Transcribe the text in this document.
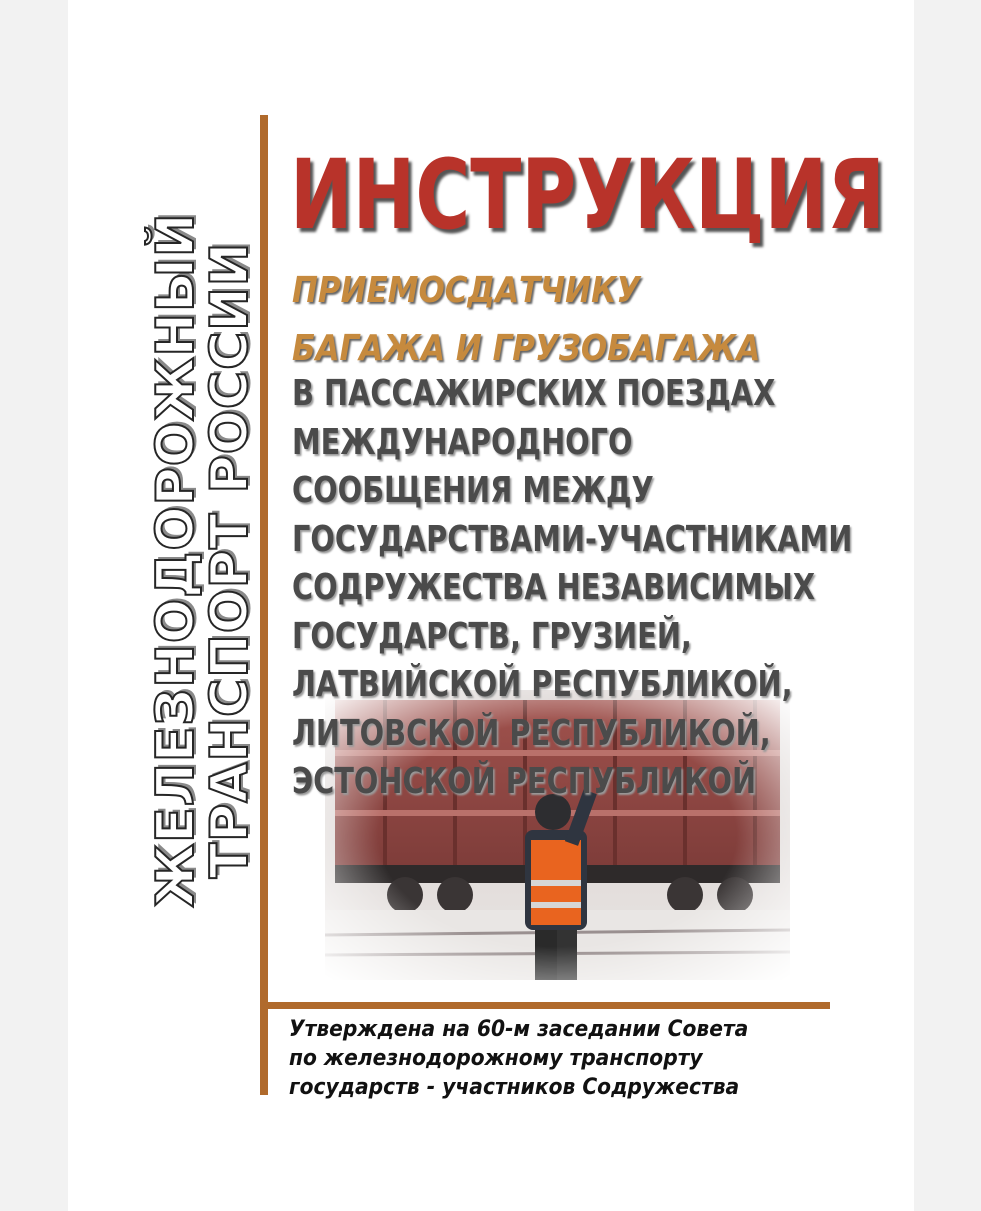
ЖЕЛЕЗНОДОРОЖНЫЙ
ТРАНСПОРТ РОССИИ
ИНСТРУКЦИЯ
ПРИЕМОСДАТЧИКУ
БАГАЖА И ГРУЗОБАГАЖА
В ПАССАЖИРСКИХ ПОЕЗДАХ
МЕЖДУНАРОДНОГО
СООБЩЕНИЯ МЕЖДУ
ГОСУДАРСТВАМИ-УЧАСТНИКАМИ
СОДРУЖЕСТВА НЕЗАВИСИМЫХ
ГОСУДАРСТВ, ГРУЗИЕЙ,
ЛАТВИЙСКОЙ РЕСПУБЛИКОЙ,
ЛИТОВСКОЙ РЕСПУБЛИКОЙ,
ЭСТОНСКОЙ РЕСПУБЛИКОЙ
Утверждена на 60-м заседании Совета
по железнодорожному транспорту
государств - участников Содружества
